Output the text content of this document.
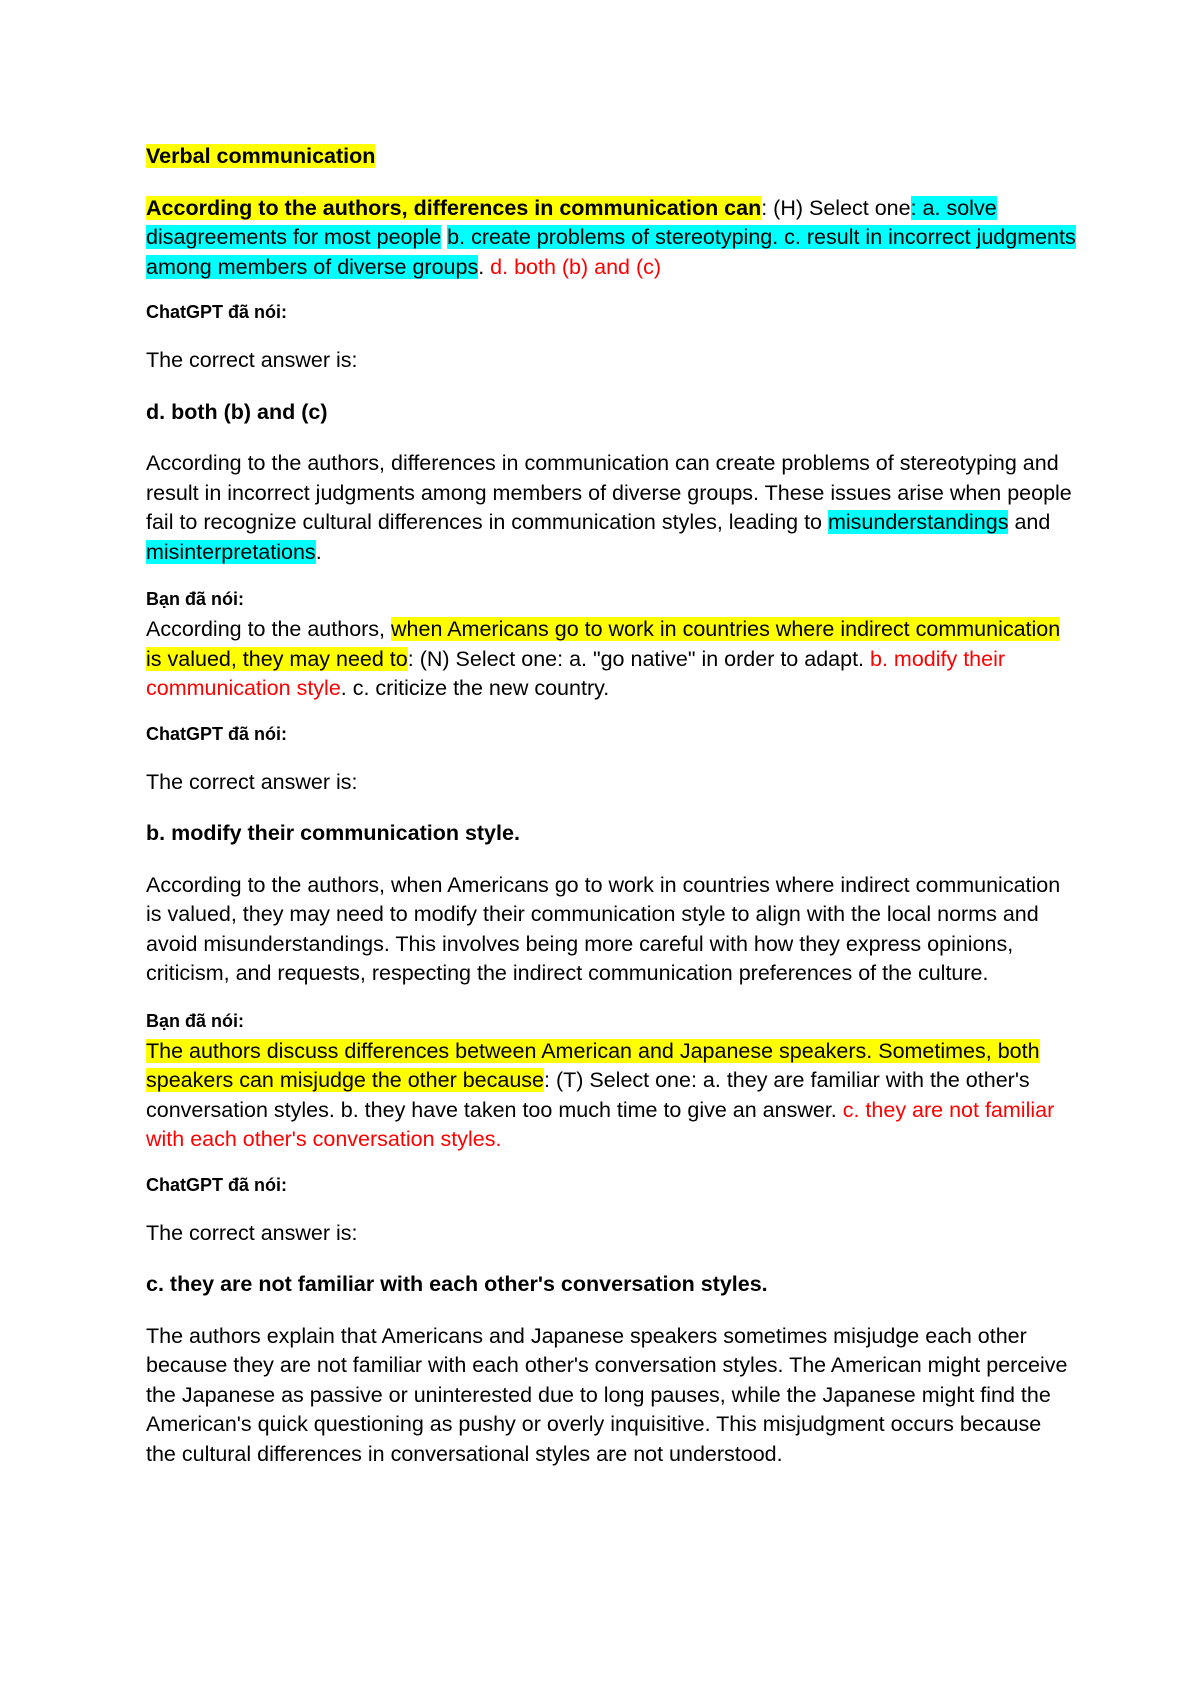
Verbal communication

According to the authors, differences in communication can: (H) Select one: a. solve disagreements for most people b. create problems of stereotyping. c. result in incorrect judgments among members of diverse groups. d. both (b) and (c)

ChatGPT đã nói:

The correct answer is:

d. both (b) and (c)

According to the authors, differences in communication can create problems of stereotyping and result in incorrect judgments among members of diverse groups. These issues arise when people fail to recognize cultural differences in communication styles, leading to misunderstandings and misinterpretations.

Bạn đã nói:

According to the authors, when Americans go to work in countries where indirect communication is valued, they may need to: (N) Select one: a. "go native" in order to adapt. b. modify their communication style. c. criticize the new country.

ChatGPT đã nói:

The correct answer is:

b. modify their communication style.

According to the authors, when Americans go to work in countries where indirect communication is valued, they may need to modify their communication style to align with the local norms and avoid misunderstandings. This involves being more careful with how they express opinions, criticism, and requests, respecting the indirect communication preferences of the culture.

Bạn đã nói:

The authors discuss differences between American and Japanese speakers. Sometimes, both speakers can misjudge the other because: (T) Select one: a. they are familiar with the other's conversation styles. b. they have taken too much time to give an answer. c. they are not familiar with each other's conversation styles.

ChatGPT đã nói:

The correct answer is:

c. they are not familiar with each other's conversation styles.

The authors explain that Americans and Japanese speakers sometimes misjudge each other because they are not familiar with each other's conversation styles. The American might perceive the Japanese as passive or uninterested due to long pauses, while the Japanese might find the American's quick questioning as pushy or overly inquisitive. This misjudgment occurs because the cultural differences in conversational styles are not understood.
